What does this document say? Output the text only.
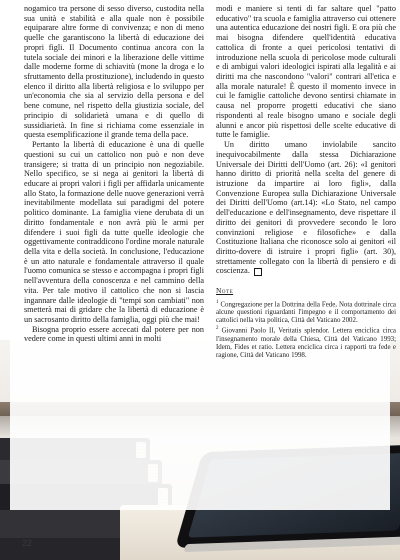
nogamico tra persone di sesso diverso, custodita nella sua unità e stabilità e alla quale non è possibile equiparare altre forme di convivenza; e non di meno quelle che garantiscono la libertà di educazione dei propri figli. Il Documento continua ancora con la tutela sociale dei minori e la liberazione delle vittime dalle moderne forme di schiavitù (mone la droga e lo sfruttamento della prostituzione), includendo in questo elenco il diritto alla libertà religiosa e lo sviluppo per un'economia che sia al servizio della persona e del bene comune, nel rispetto della giustizia sociale, del principio di solidarietà umana e di quello di sussidiarietà. In fine si richiama come essenziale in questa esemplificazione il grande tema della pace.

Pertanto la libertà di educazione è una di quelle questioni su cui un cattolico non può e non deve transigere; si tratta di un principio non negoziabile. Nello specifico, se si nega ai genitori la libertà di educare ai propri valori i figli per affidarla unicamente allo Stato, la formazione delle nuove generazioni verrà inevitabilmente modellata sui paradigmi del potere politico dominante. La famiglia viene derubata di un diritto fondamentale e non avrà più le armi per difendere i suoi figli da tutte quelle ideologie che oggettivamente contraddicono l'ordine morale naturale della vita e della società. In conclusione, l'educazione è un atto naturale e fondamentale attraverso il quale l'uomo comunica se stesso e accompagna i propri figli nell'avventura della conoscenza e nel cammino della vita. Per tale motivo il cattolico che non si lascia ingannare dalle ideologie di "tempi son cambiati" non smetterà mai di gridare che la libertà di educazione è un sacrosanto diritto della famiglia, oggi più che mai!

Bisogna proprio essere accecati dal potere per non vedere come in questi ultimi anni in molti

modi e maniere si tenti di far saltare quel "patto educativo" tra scuola e famiglia attraverso cui ottenere una autentica educazione dei nostri figli. E ora più che mai bisogna difendere quell'identità educativa cattolica di fronte a quei pericolosi tentativi di introduzione nella scuola di pericolose mode culturali e di ambigui valori ideologici ispirati alla legalità e ai diritti ma che nascondono "valori" contrari all'etica e alla morale naturale! È questo il momento invece in cui le famiglie cattoliche devono sentirsi chiamate in causa nel proporre progetti educativi che siano rispondenti al reale bisogno umano e sociale degli alunni e ancor più rispettosi delle scelte educative di tutte le famiglie.

Un diritto umano inviolabile sancito inequivocabilmente dalla stessa Dichiarazione Universale dei Diritti dell'Uomo (art. 26): «I genitori hanno diritto di priorità nella scelta del genere di istruzione da impartire ai loro figli», dalla Convenzione Europea sulla Dichiarazione Universale dei Diritti dell'Uomo (art.14): «Lo Stato, nel campo dell'educazione e dell'insegnamento, deve rispettare il diritto dei genitori di provvedere secondo le loro convinzioni religiose e filosofiche» e dalla Costituzione Italiana che riconosce solo ai genitori «il diritto-dovere di istruire i propri figli» (art. 30), strettamente collegato con la libertà di pensiero e di coscienza.

Note

$^1$ Congregazione per la Dottrina della Fede, Nota dottrinale circa alcune questioni riguardanti l'impegno e il comportamento dei cattolici nella vita politica, Città del Vaticano 2002.

$^2$ Giovanni Paolo II, Veritatis splendor. Lettera enciclica circa l'insegnamento morale della Chiesa, Città del Vaticano 1993; Idem, Fides et ratio. Lettera enciclica circa i rapporti tra fede e ragione, Città del Vaticano 1998.

22
